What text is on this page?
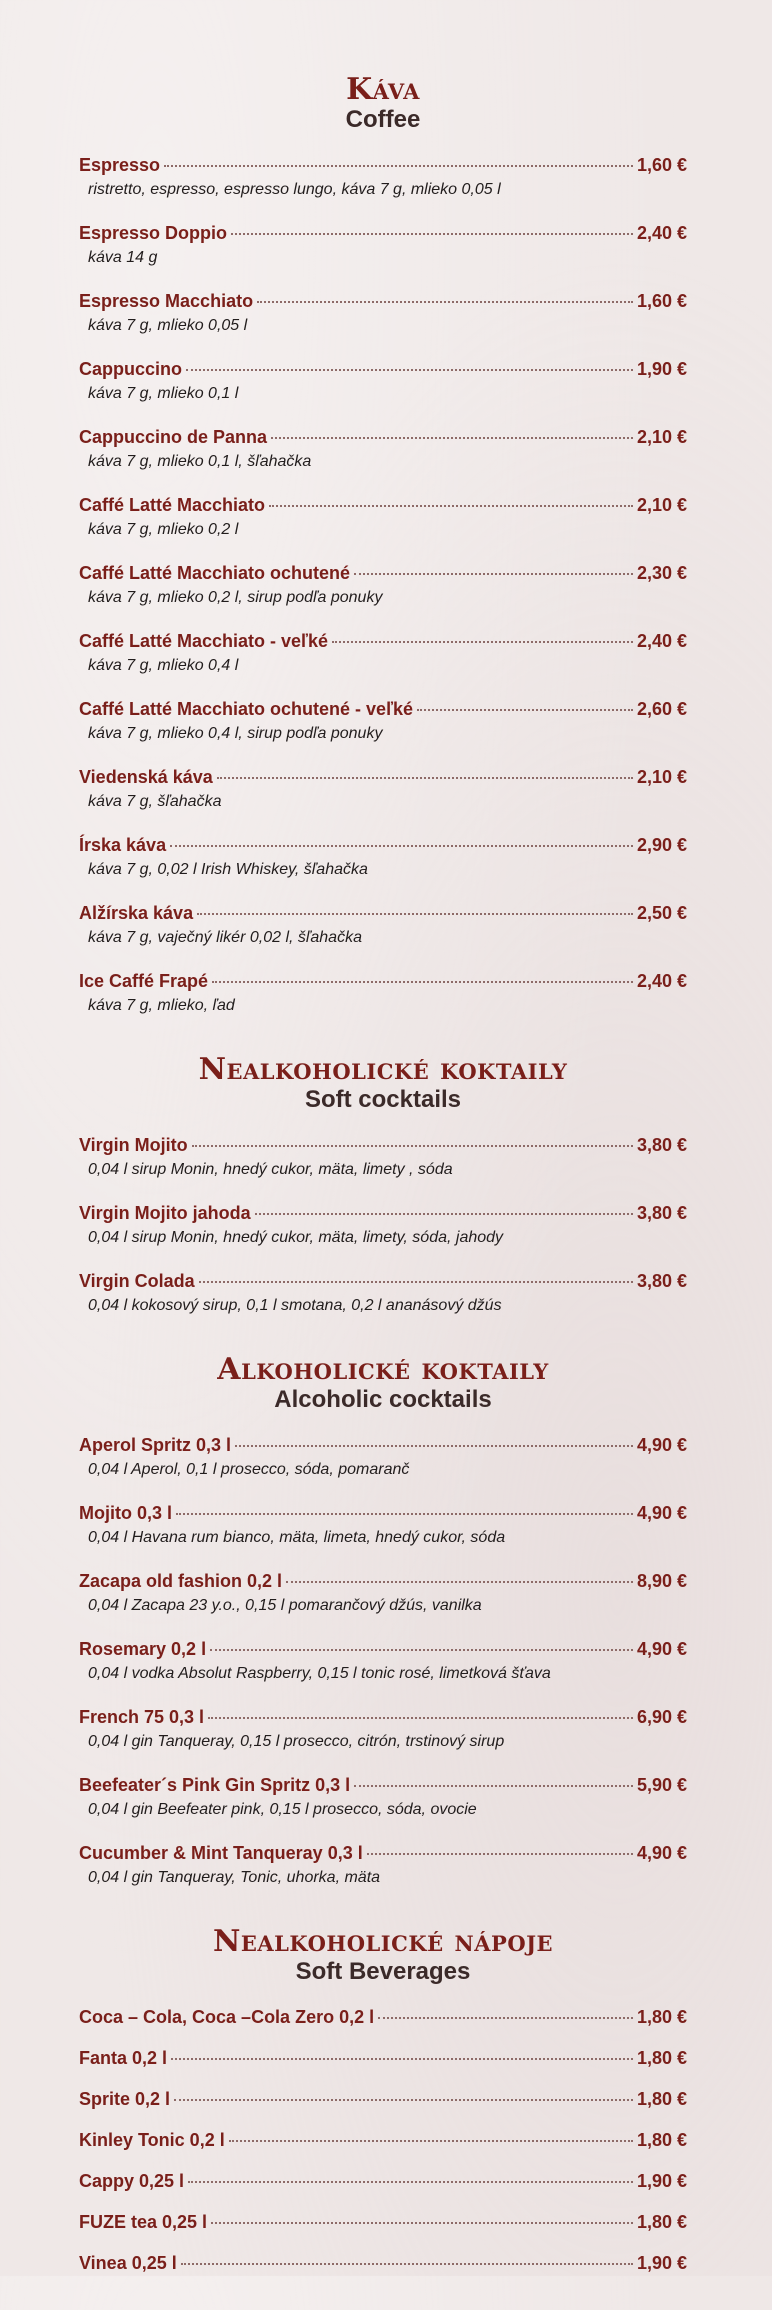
Káva
Coffee
Espresso	1,60 €
ristretto, espresso, espresso lungo, káva 7 g, mlieko 0,05 l
Espresso Doppio	2,40 €
káva 14 g
Espresso Macchiato	1,60 €
káva 7 g, mlieko 0,05 l
Cappuccino	1,90 €
káva 7 g, mlieko 0,1 l
Cappuccino de Panna	2,10 €
káva 7 g, mlieko 0,1 l, šľahačka
Caffé Latté Macchiato	2,10 €
káva 7 g, mlieko 0,2 l
Caffé Latté Macchiato ochutené	2,30 €
káva 7 g, mlieko 0,2 l, sirup podľa ponuky
Caffé Latté Macchiato - veľké	2,40 €
káva 7 g, mlieko 0,4 l
Caffé Latté Macchiato ochutené - veľké	2,60 €
káva 7 g, mlieko 0,4 l, sirup podľa ponuky
Viedenská káva	2,10 €
káva 7 g, šľahačka
Írska káva	2,90 €
káva 7 g, 0,02 l Irish Whiskey, šľahačka
Alžírska káva	2,50 €
káva 7 g, vaječný likér 0,02 l, šľahačka
Ice Caffé Frapé	2,40 €
káva 7 g, mlieko, ľad
Nealkoholické koktaily
Soft cocktails
Virgin Mojito	3,80 €
0,04 l sirup Monin, hnedý cukor, mäta, limety , sóda
Virgin Mojito jahoda	3,80 €
0,04 l sirup Monin, hnedý cukor, mäta, limety, sóda, jahody
Virgin Colada	3,80 €
0,04 l kokosový sirup, 0,1 l smotana, 0,2 l ananásový džús
Alkoholické koktaily
Alcoholic cocktails
Aperol Spritz 0,3 l	4,90 €
0,04 l Aperol, 0,1 l prosecco, sóda, pomaranč
Mojito 0,3 l	4,90 €
0,04 l Havana rum bianco, mäta, limeta, hnedý cukor, sóda
Zacapa old fashion 0,2 l	8,90 €
0,04 l Zacapa 23 y.o., 0,15 l pomarančový džús, vanilka
Rosemary 0,2 l	4,90 €
0,04 l vodka Absolut Raspberry, 0,15 l tonic rosé, limetková šťava
French 75 0,3 l	6,90 €
0,04 l gin Tanqueray, 0,15 l prosecco, citrón, trstinový sirup
Beefeater´s Pink Gin Spritz 0,3 l	5,90 €
0,04 l gin Beefeater pink, 0,15 l prosecco, sóda, ovocie
Cucumber & Mint Tanqueray 0,3 l	4,90 €
0,04 l gin Tanqueray, Tonic, uhorka, mäta
Nealkoholické nápoje
Soft Beverages
Coca – Cola, Coca –Cola Zero 0,2 l	1,80 €
Fanta 0,2 l	1,80 €
Sprite 0,2 l	1,80 €
Kinley Tonic 0,2 l	1,80 €
Cappy 0,25 l	1,90 €
FUZE tea 0,25 l	1,80 €
Vinea 0,25 l	1,90 €
